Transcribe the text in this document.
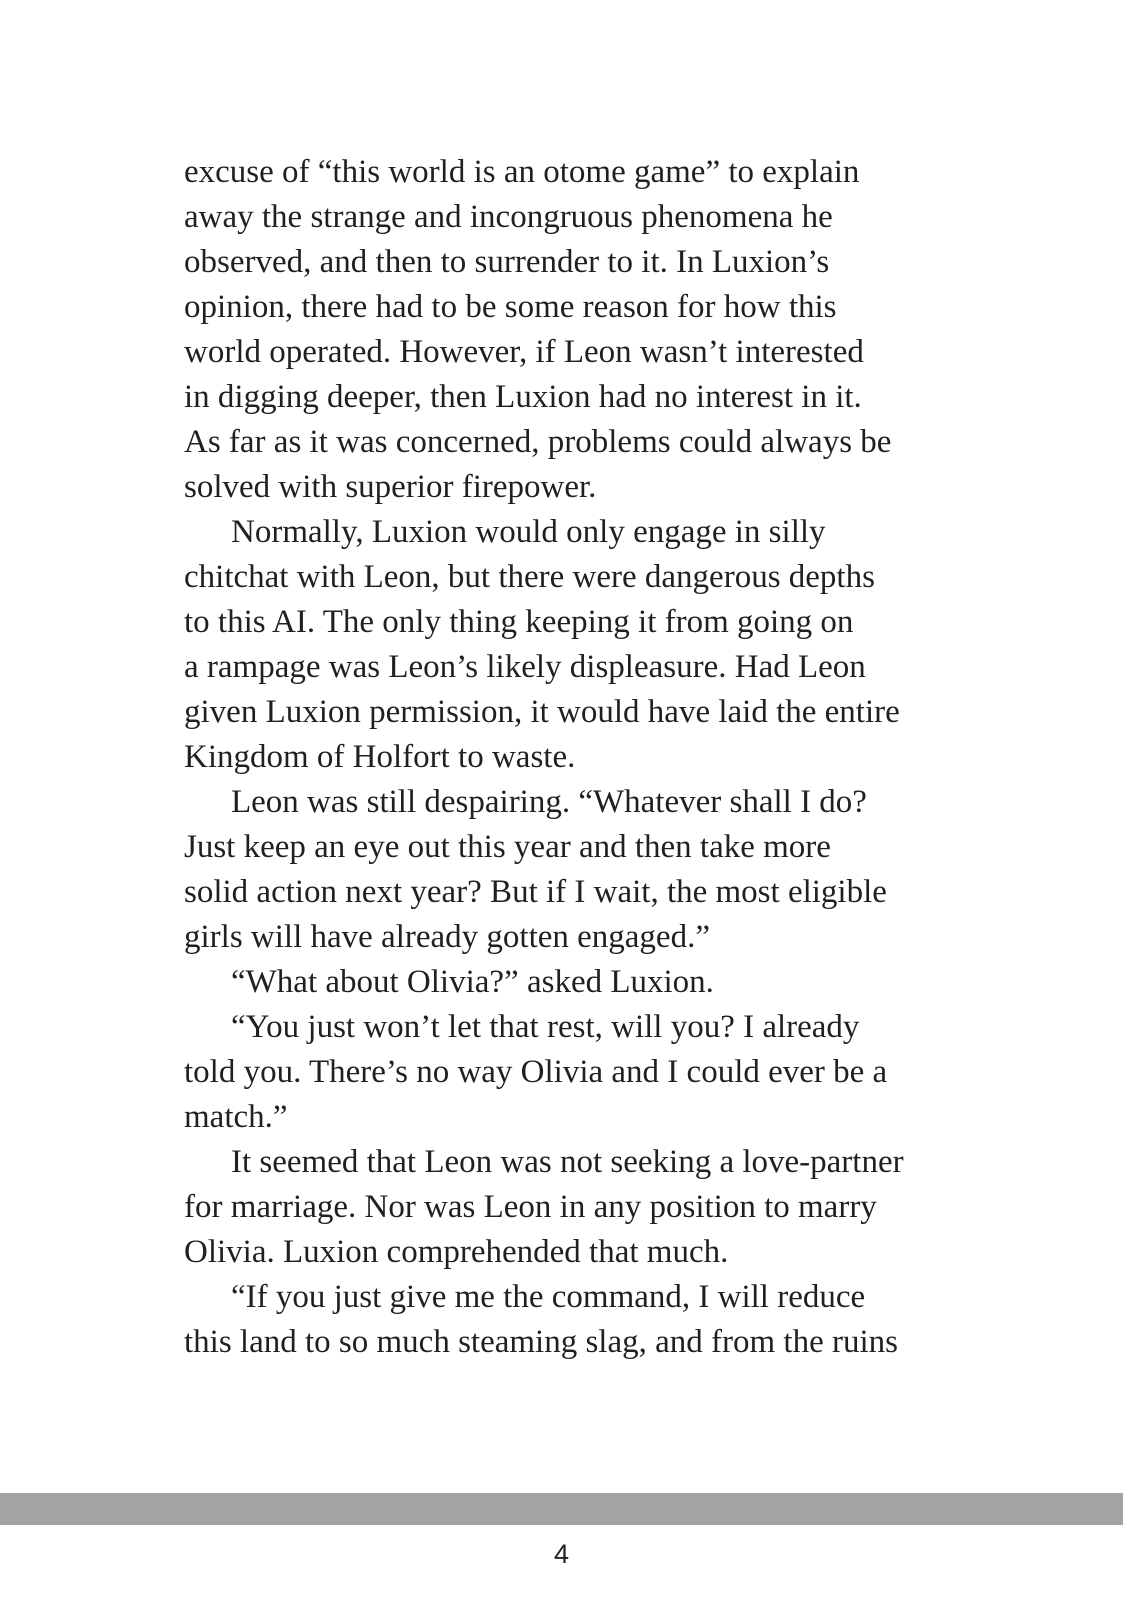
excuse of “this world is an otome game” to explain
away the strange and incongruous phenomena he
observed, and then to surrender to it. In Luxion’s
opinion, there had to be some reason for how this
world operated. However, if Leon wasn’t interested
in digging deeper, then Luxion had no interest in it.
As far as it was concerned, problems could always be
solved with superior firepower.
Normally, Luxion would only engage in silly
chitchat with Leon, but there were dangerous depths
to this AI. The only thing keeping it from going on
a rampage was Leon’s likely displeasure. Had Leon
given Luxion permission, it would have laid the entire
Kingdom of Holfort to waste.
Leon was still despairing. “Whatever shall I do?
Just keep an eye out this year and then take more
solid action next year? But if I wait, the most eligible
girls will have already gotten engaged.”
“What about Olivia?” asked Luxion.
“You just won’t let that rest, will you? I already
told you. There’s no way Olivia and I could ever be a
match.”
It seemed that Leon was not seeking a love-partner
for marriage. Nor was Leon in any position to marry
Olivia. Luxion comprehended that much.
“If you just give me the command, I will reduce
this land to so much steaming slag, and from the ruins
4
